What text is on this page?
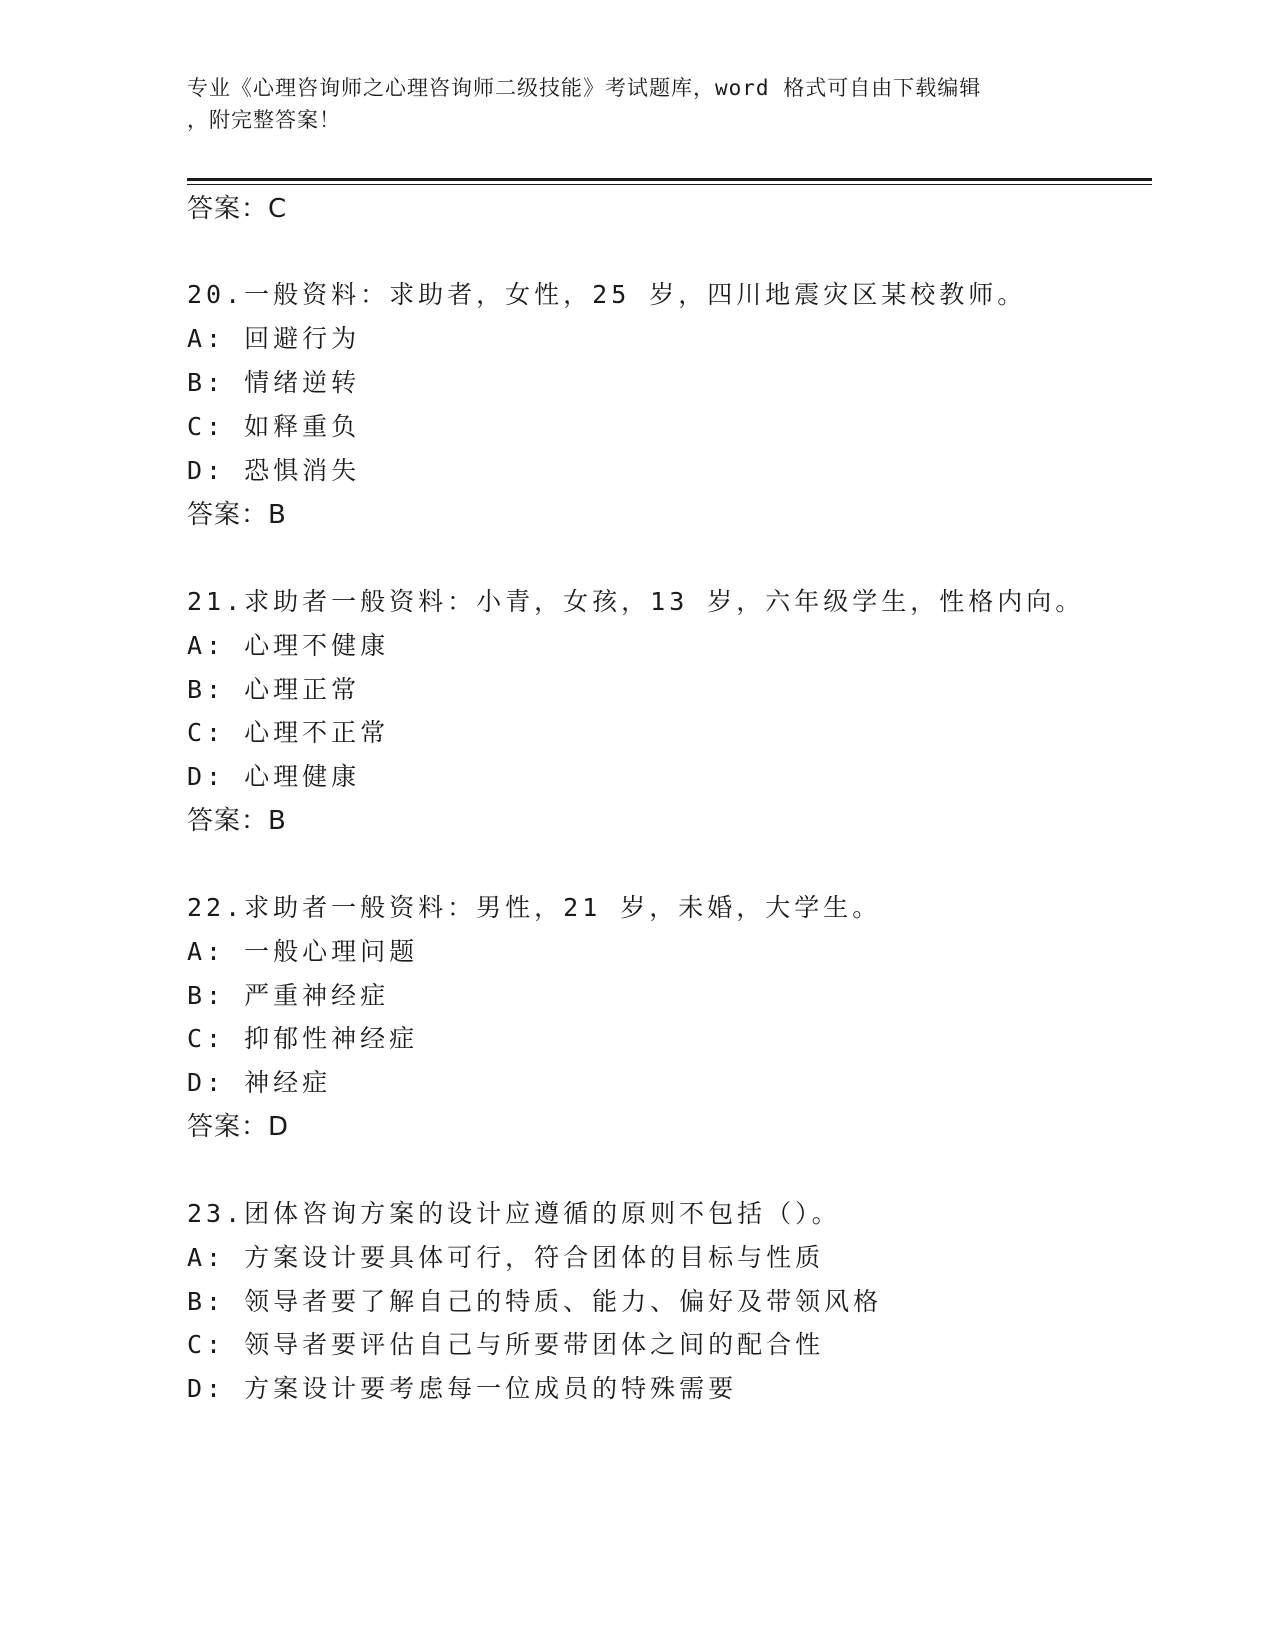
专业《心理咨询师之心理咨询师二级技能》考试题库，word 格式可自由下载编辑
，附完整答案！
答案：C
20.一般资料：求助者，女性，25 岁，四川地震灾区某校教师。
A: 回避行为
B: 情绪逆转
C: 如释重负
D: 恐惧消失
答案：B
21.求助者一般资料：小青，女孩，13 岁，六年级学生，性格内向。
A: 心理不健康
B: 心理正常
C: 心理不正常
D: 心理健康
答案：B
22.求助者一般资料：男性，21 岁，未婚，大学生。
A: 一般心理问题
B: 严重神经症
C: 抑郁性神经症
D: 神经症
答案：D
23.团体咨询方案的设计应遵循的原则不包括（）。
A: 方案设计要具体可行，符合团体的目标与性质
B: 领导者要了解自己的特质、能力、偏好及带领风格
C: 领导者要评估自己与所要带团体之间的配合性
D: 方案设计要考虑每一位成员的特殊需要
